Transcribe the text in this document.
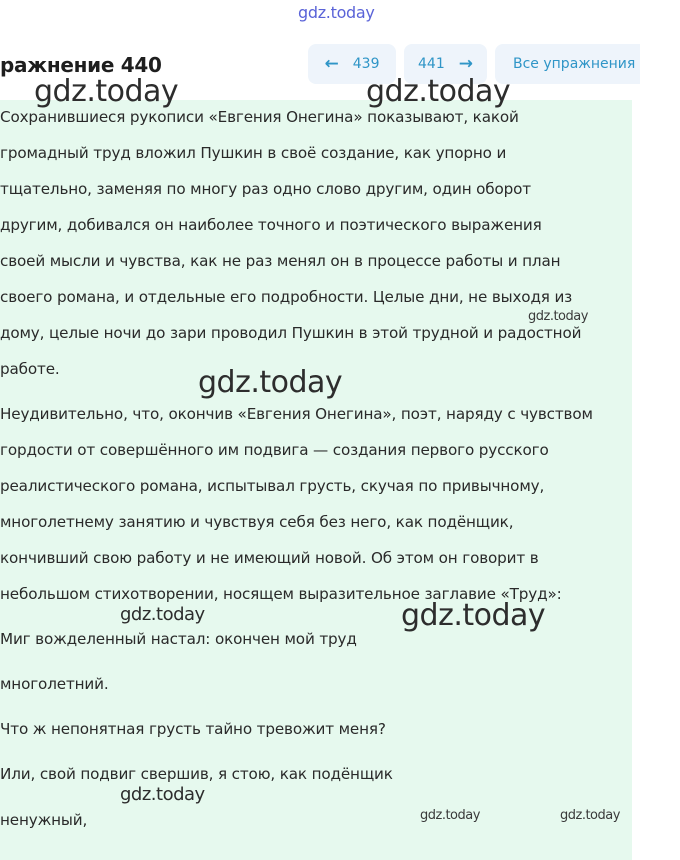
gdz.today
ражнение 440	← 439	441 →	Все упражнения
Сохранившиеся рукописи «Евгения Онегина» показывают, какой
громадный труд вложил Пушкин в своё создание, как упорно и
тщательно, заменяя по многу раз одно слово другим, один оборот
другим, добивался он наиболее точного и поэтического выражения
своей мысли и чувства, как не раз менял он в процессе работы и план
своего романа, и отдельные его подробности. Целые дни, не выходя из
дому, целые ночи до зари проводил Пушкин в этой трудной и радостной
работе.
Неудивительно, что, окончив «Евгения Онегина», поэт, наряду с чувством
гордости от совершённого им подвига — создания первого русского
реалистического романа, испытывал грусть, скучая по привычному,
многолетнему занятию и чувствуя себя без него, как подёнщик,
кончивший свою работу и не имеющий новой. Об этом он говорит в
небольшом стихотворении, носящем выразительное заглавие «Труд»:
Миг вожделенный настал: окончен мой труд
многолетний.
Что ж непонятная грусть тайно тревожит меня?
Или, свой подвиг свершив, я стою, как подёнщик
ненужный,
gdz.today	gdz.today
gdz.today
gdz.today
gdz.today	gdz.today
gdz.today
gdz.today	gdz.today
